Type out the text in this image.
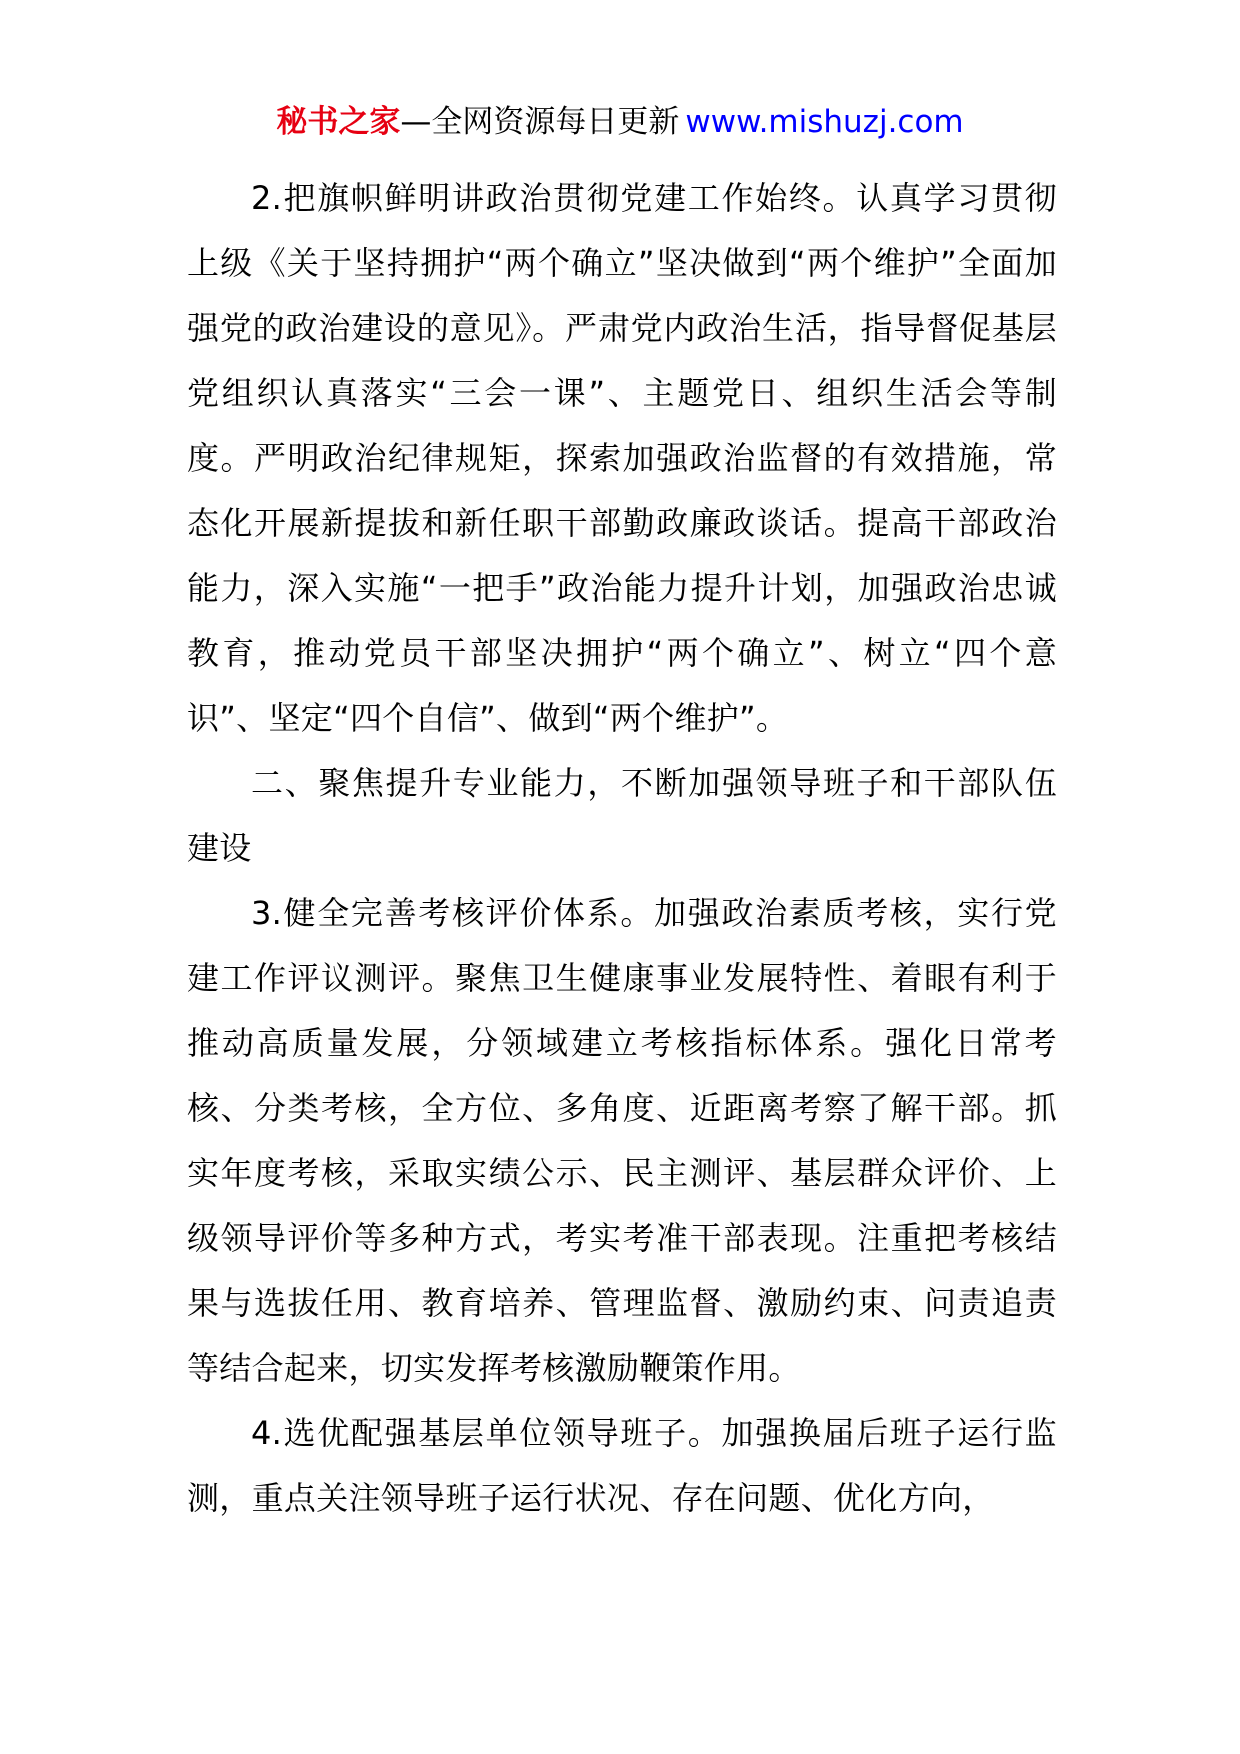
秘书之家—全网资源每日更新 www.mishuzj.com

2.把旗帜鲜明讲政治贯彻党建工作始终。认真学习贯彻上级《关于坚持拥护“两个确立”坚决做到“两个维护”全面加强党的政治建设的意见》。严肃党内政治生活，指导督促基层党组织认真落实“三会一课”、主题党日、组织生活会等制度。严明政治纪律规矩，探索加强政治监督的有效措施，常态化开展新提拔和新任职干部勤政廉政谈话。提高干部政治能力，深入实施“一把手”政治能力提升计划，加强政治忠诚教育，推动党员干部坚决拥护“两个确立”、树立“四个意识”、坚定“四个自信”、做到“两个维护”。

二、聚焦提升专业能力，不断加强领导班子和干部队伍建设

3.健全完善考核评价体系。加强政治素质考核，实行党建工作评议测评。聚焦卫生健康事业发展特性、着眼有利于推动高质量发展，分领域建立考核指标体系。强化日常考核、分类考核，全方位、多角度、近距离考察了解干部。抓实年度考核，采取实绩公示、民主测评、基层群众评价、上级领导评价等多种方式，考实考准干部表现。注重把考核结果与选拔任用、教育培养、管理监督、激励约束、问责追责等结合起来，切实发挥考核激励鞭策作用。

4.选优配强基层单位领导班子。加强换届后班子运行监测，重点关注领导班子运行状况、存在问题、优化方向，
